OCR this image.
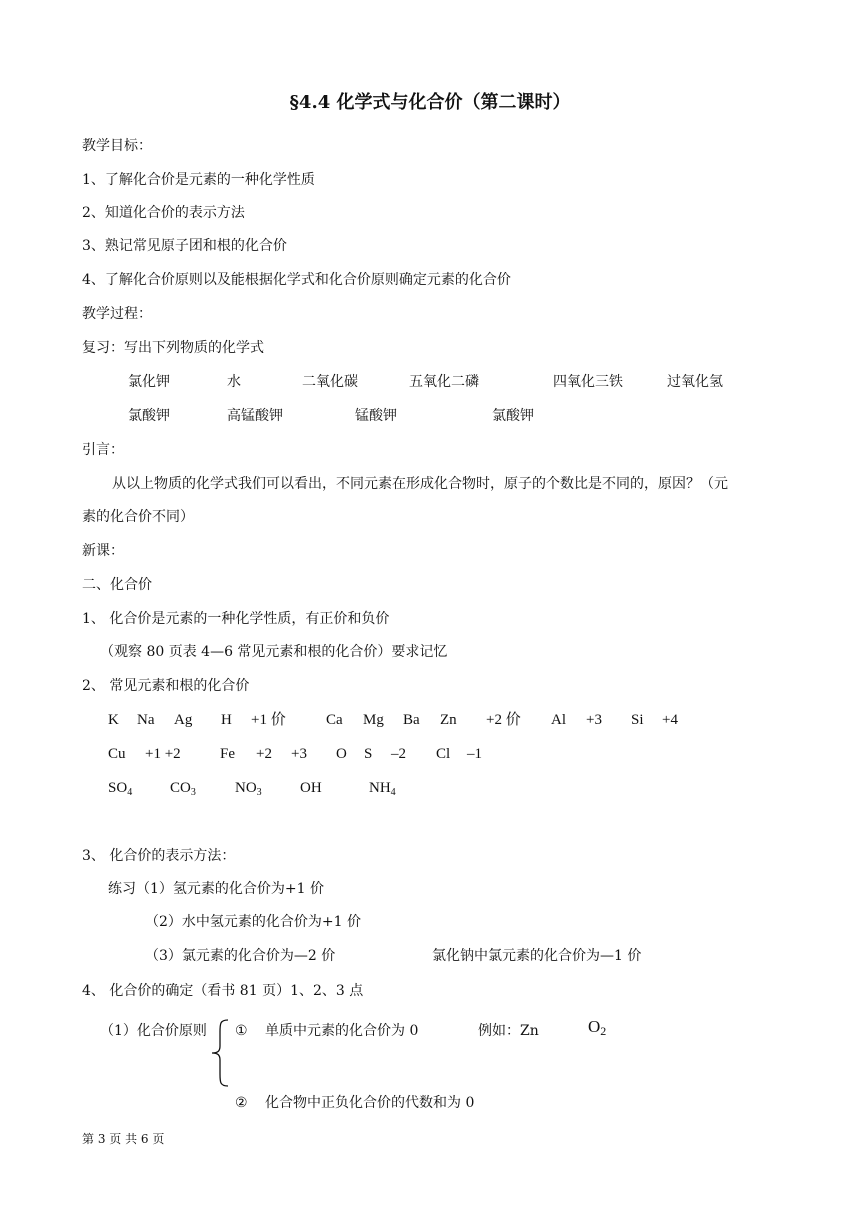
§4.4 化学式与化合价（第二课时）
教学目标：
1、了解化合价是元素的一种化学性质
2、知道化合价的表示方法
3、熟记常见原子团和根的化合价
4、了解化合价原则以及能根据化学式和化合价原则确定元素的化合价
教学过程：
复习：写出下列物质的化学式
氯化钾	水	二氧化碳	五氧化二磷	四氧化三铁	过氧化氢
氯酸钾	高锰酸钾	锰酸钾	氯酸钾
引言：
从以上物质的化学式我们可以看出，不同元素在形成化合物时，原子的个数比是不同的，原因？（元
素的化合价不同）
新课：
二、化合价
1、 化合价是元素的一种化学性质，有正价和负价
（观察 80 页表 4—6 常见元素和根的化合价）要求记忆
2、 常见元素和根的化合价
K Na Ag H +1 价	Ca Mg Ba Zn +2 价 Al +3 Si +4
Cu +1 +2	Fe +2 +3 O S –2 Cl –1
$SO_4$	$CO_3$	$NO_3$	OH	$NH_4$
3、 化合价的表示方法：
练习（1）氢元素的化合价为+1 价
（2）水中氢元素的化合价为+1 价
（3）氯元素的化合价为—2 价	氯化钠中氯元素的化合价为—1 价
4、 化合价的确定（看书 81 页）1、2、3 点
（1）化合价原则 ① 单质中元素的化合价为 0	例如：Zn	$O_2$
② 化合物中正负化合价的代数和为 0
第 3 页 共 6 页
